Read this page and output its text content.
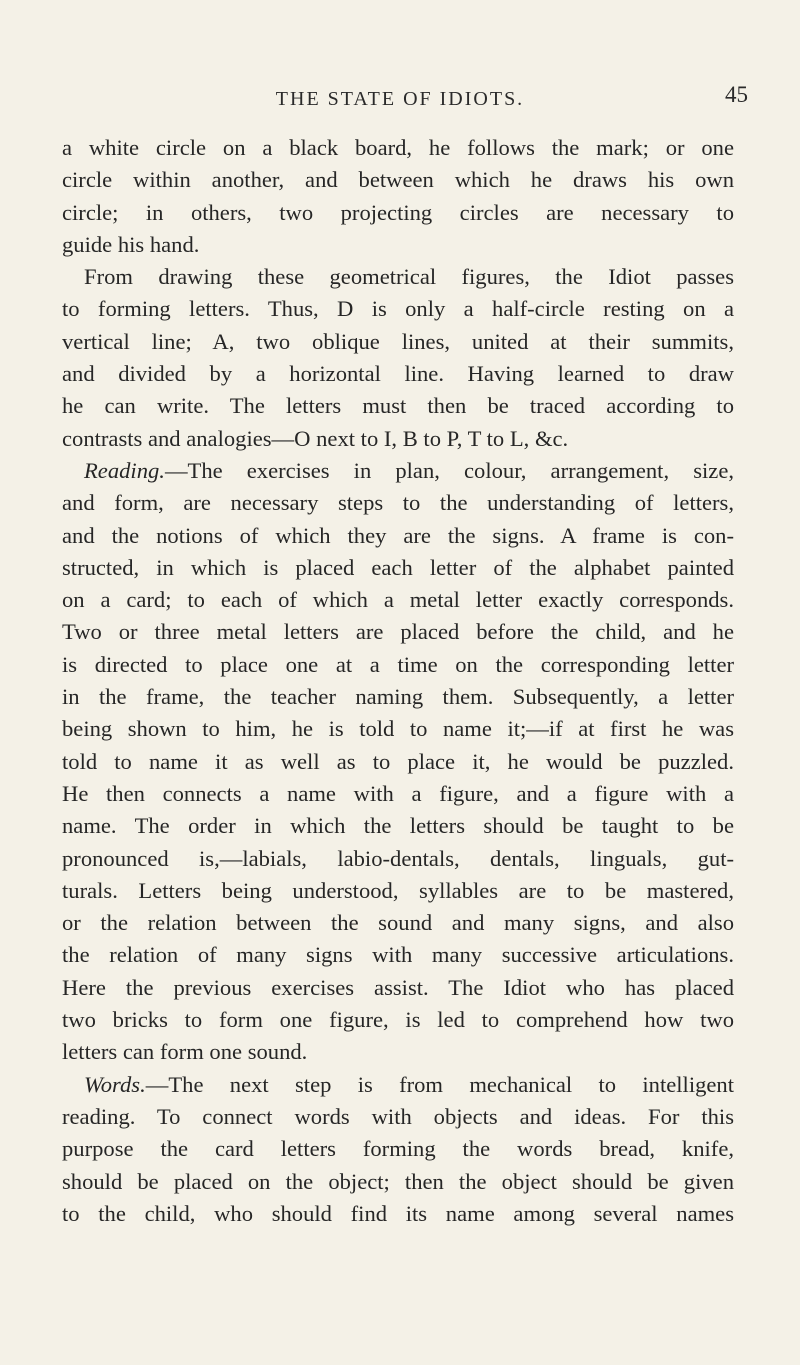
THE STATE OF IDIOTS.	45
a white circle on a black board, he follows the mark; or one
circle within another, and between which he draws his own
circle; in others, two projecting circles are necessary to
guide his hand.
From drawing these geometrical figures, the Idiot passes
to forming letters. Thus, D is only a half-circle resting on a
vertical line; A, two oblique lines, united at their summits,
and divided by a horizontal line. Having learned to draw
he can write. The letters must then be traced according to
contrasts and analogies—O next to I, B to P, T to L, &c.
Reading.—The exercises in plan, colour, arrangement, size,
and form, are necessary steps to the understanding of letters,
and the notions of which they are the signs. A frame is con-
structed, in which is placed each letter of the alphabet painted
on a card; to each of which a metal letter exactly corresponds.
Two or three metal letters are placed before the child, and he
is directed to place one at a time on the corresponding letter
in the frame, the teacher naming them. Subsequently, a letter
being shown to him, he is told to name it;—if at first he was
told to name it as well as to place it, he would be puzzled.
He then connects a name with a figure, and a figure with a
name. The order in which the letters should be taught to be
pronounced is,—labials, labio-dentals, dentals, linguals, gut-
turals. Letters being understood, syllables are to be mastered,
or the relation between the sound and many signs, and also
the relation of many signs with many successive articulations.
Here the previous exercises assist. The Idiot who has placed
two bricks to form one figure, is led to comprehend how two
letters can form one sound.
Words.—The next step is from mechanical to intelligent
reading. To connect words with objects and ideas. For this
purpose the card letters forming the words bread, knife,
should be placed on the object; then the object should be given
to the child, who should find its name among several names
